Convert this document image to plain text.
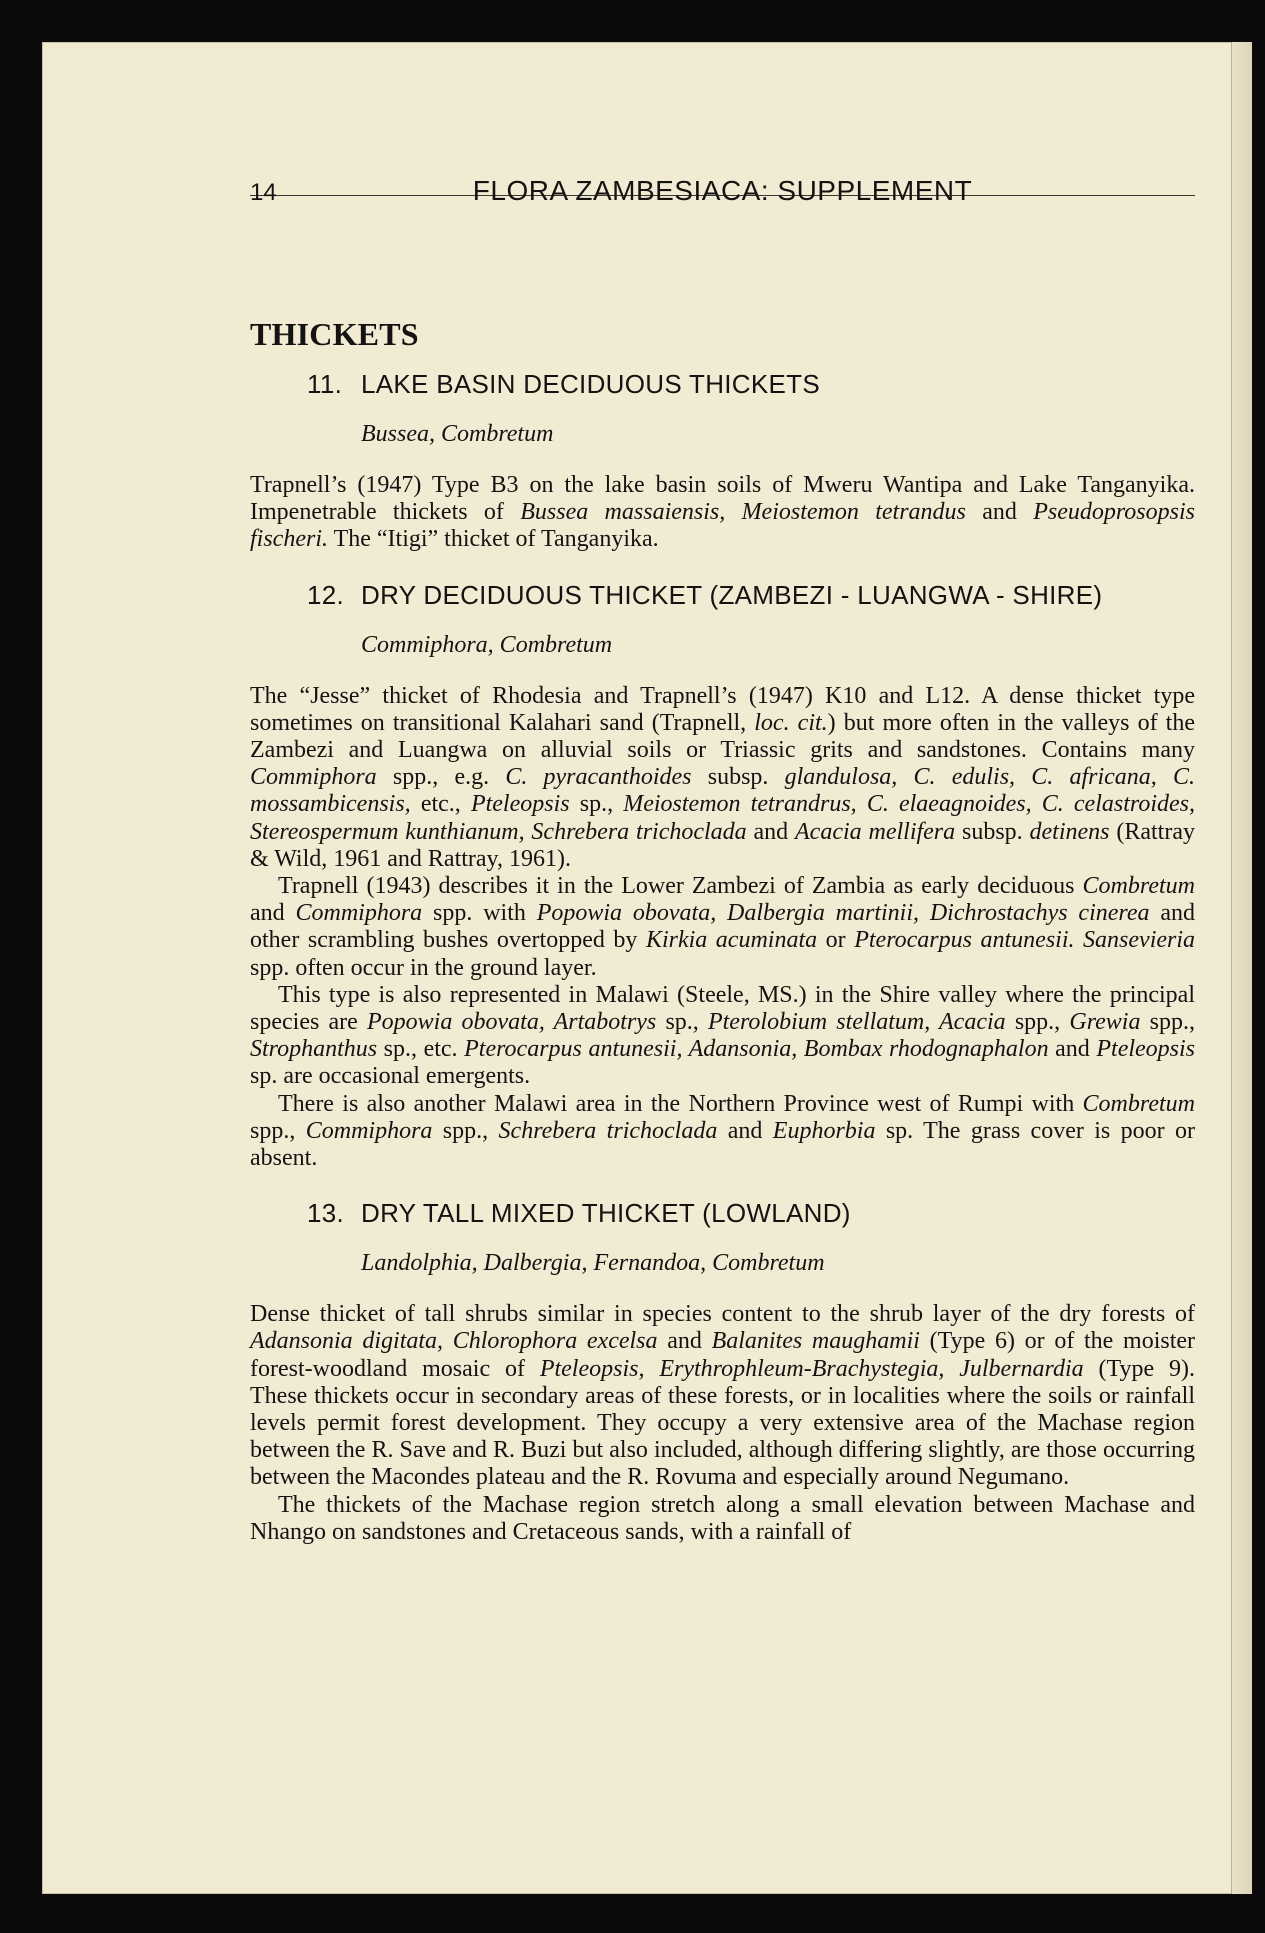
14	FLORA ZAMBESIACA: SUPPLEMENT
THICKETS
11. LAKE BASIN DECIDUOUS THICKETS
Bussea, Combretum

Trapnell’s (1947) Type B3 on the lake basin soils of Mweru Wantipa and Lake Tanganyika. Impenetrable thickets of Bussea massaiensis, Meiostemon tetrandus and Pseudoprosopsis fischeri. The “Itigi” thicket of Tanganyika.

12. DRY DECIDUOUS THICKET (ZAMBEZI - LUANGWA - SHIRE)
Commiphora, Combretum

The “Jesse” thicket of Rhodesia and Trapnell’s (1947) K10 and L12. A dense thicket type sometimes on transitional Kalahari sand (Trapnell, loc. cit.) but more often in the valleys of the Zambezi and Luangwa on alluvial soils or Triassic grits and sandstones. Contains many Commiphora spp., e.g. C. pyracanthoides subsp. glandulosa, C. edulis, C. africana, C. mossambicensis, etc., Pteleopsis sp., Meiostemon tetrandrus, C. elaeagnoides, C. celastroides, Stereospermum kunthianum, Schrebera trichoclada and Acacia mellifera subsp. detinens (Rattray & Wild, 1961 and Rattray, 1961).

Trapnell (1943) describes it in the Lower Zambezi of Zambia as early deciduous Combretum and Commiphora spp. with Popowia obovata, Dalbergia martinii, Dichrostachys cinerea and other scrambling bushes overtopped by Kirkia acuminata or Pterocarpus antunesii. Sansevieria spp. often occur in the ground layer.

This type is also represented in Malawi (Steele, MS.) in the Shire valley where the principal species are Popowia obovata, Artabotrys sp., Pterolobium stellatum, Acacia spp., Grewia spp., Strophanthus sp., etc. Pterocarpus antunesii, Adansonia, Bombax rhodognaphalon and Pteleopsis sp. are occasional emergents.

There is also another Malawi area in the Northern Province west of Rumpi with Combretum spp., Commiphora spp., Schrebera trichoclada and Euphorbia sp. The grass cover is poor or absent.

13. DRY TALL MIXED THICKET (LOWLAND)
Landolphia, Dalbergia, Fernandoa, Combretum

Dense thicket of tall shrubs similar in species content to the shrub layer of the dry forests of Adansonia digitata, Chlorophora excelsa and Balanites maughamii (Type 6) or of the moister forest-woodland mosaic of Pteleopsis, Erythrophleum-Brachystegia, Julbernardia (Type 9). These thickets occur in secondary areas of these forests, or in localities where the soils or rainfall levels permit forest development. They occupy a very extensive area of the Machase region between the R. Save and R. Buzi but also included, although differing slightly, are those occurring between the Macondes plateau and the R. Rovuma and especially around Negumano.

The thickets of the Machase region stretch along a small elevation between Machase and Nhango on sandstones and Cretaceous sands, with a rainfall of
